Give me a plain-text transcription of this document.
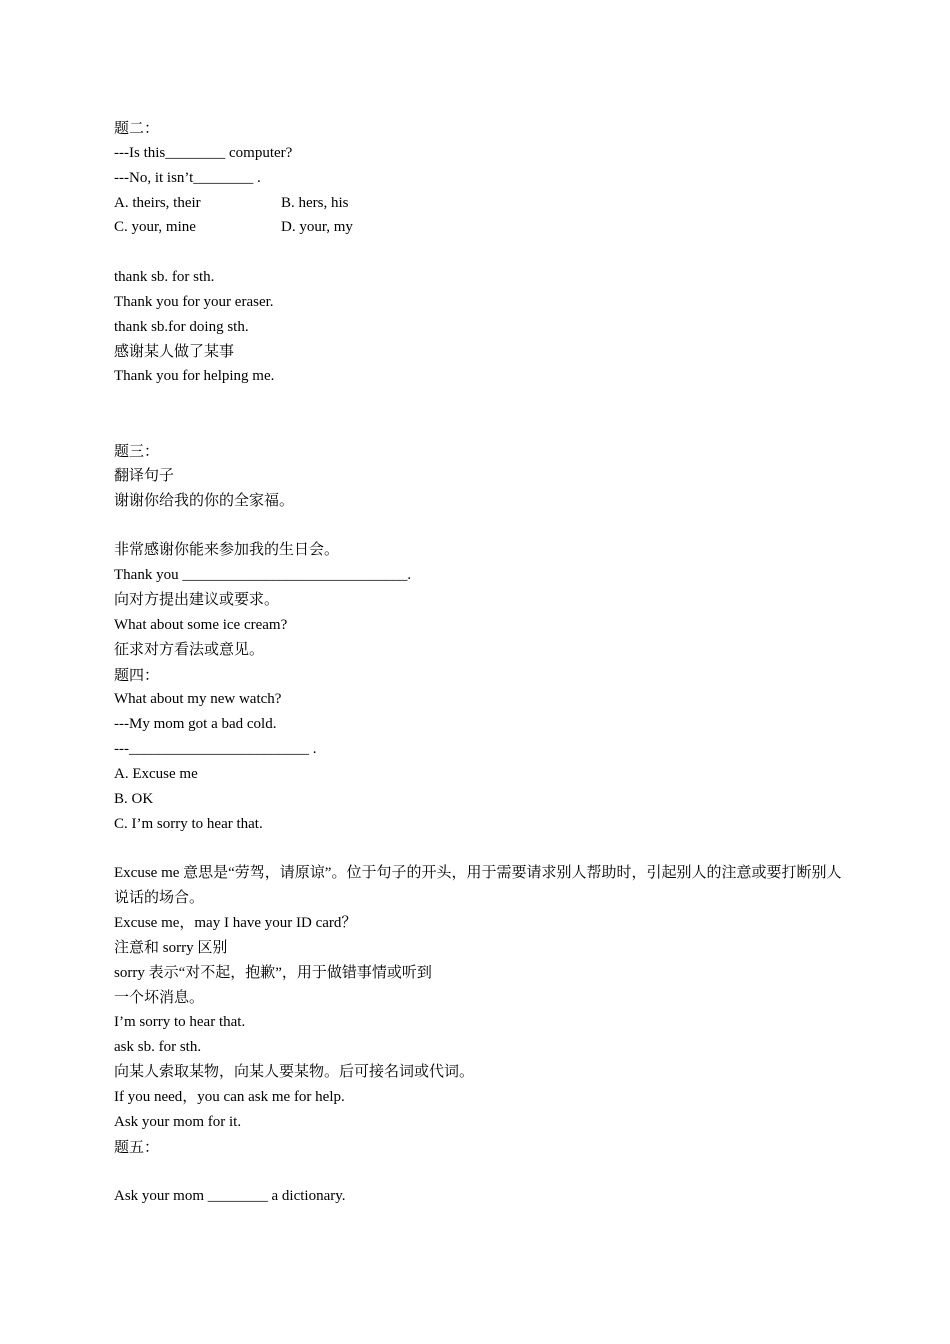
题二：
---Is this________ computer?
---No, it isn’t________ .
A. theirs, their	B. hers, his
C. your, mine	D. your, my
thank sb. for sth.
Thank you for your eraser.
thank sb.for doing sth.
感谢某人做了某事
Thank you for helping me.
题三：
翻译句子
谢谢你给我的你的全家福。
非常感谢你能来参加我的生日会。
Thank you ______________________________.
向对方提出建议或要求。
What about some ice cream?
征求对方看法或意见。
题四：
What about my new watch?
---My mom got a bad cold.
---________________________ .
A. Excuse me
B. OK
C. I’m sorry to hear that.
Excuse me 意思是“劳驾，请原谅”。位于句子的开头，用于需要请求别人帮助时，引起别人的注意或要打断别人说话的场合。
Excuse me，may I have your ID card？
注意和 sorry 区别
sorry 表示“对不起，抱歉”，用于做错事情或听到
一个坏消息。
I’m sorry to hear that.
ask sb. for sth.
向某人索取某物，向某人要某物。后可接名词或代词。
If you need，you can ask me for help.
Ask your mom for it.
题五：
Ask your mom ________ a dictionary.
